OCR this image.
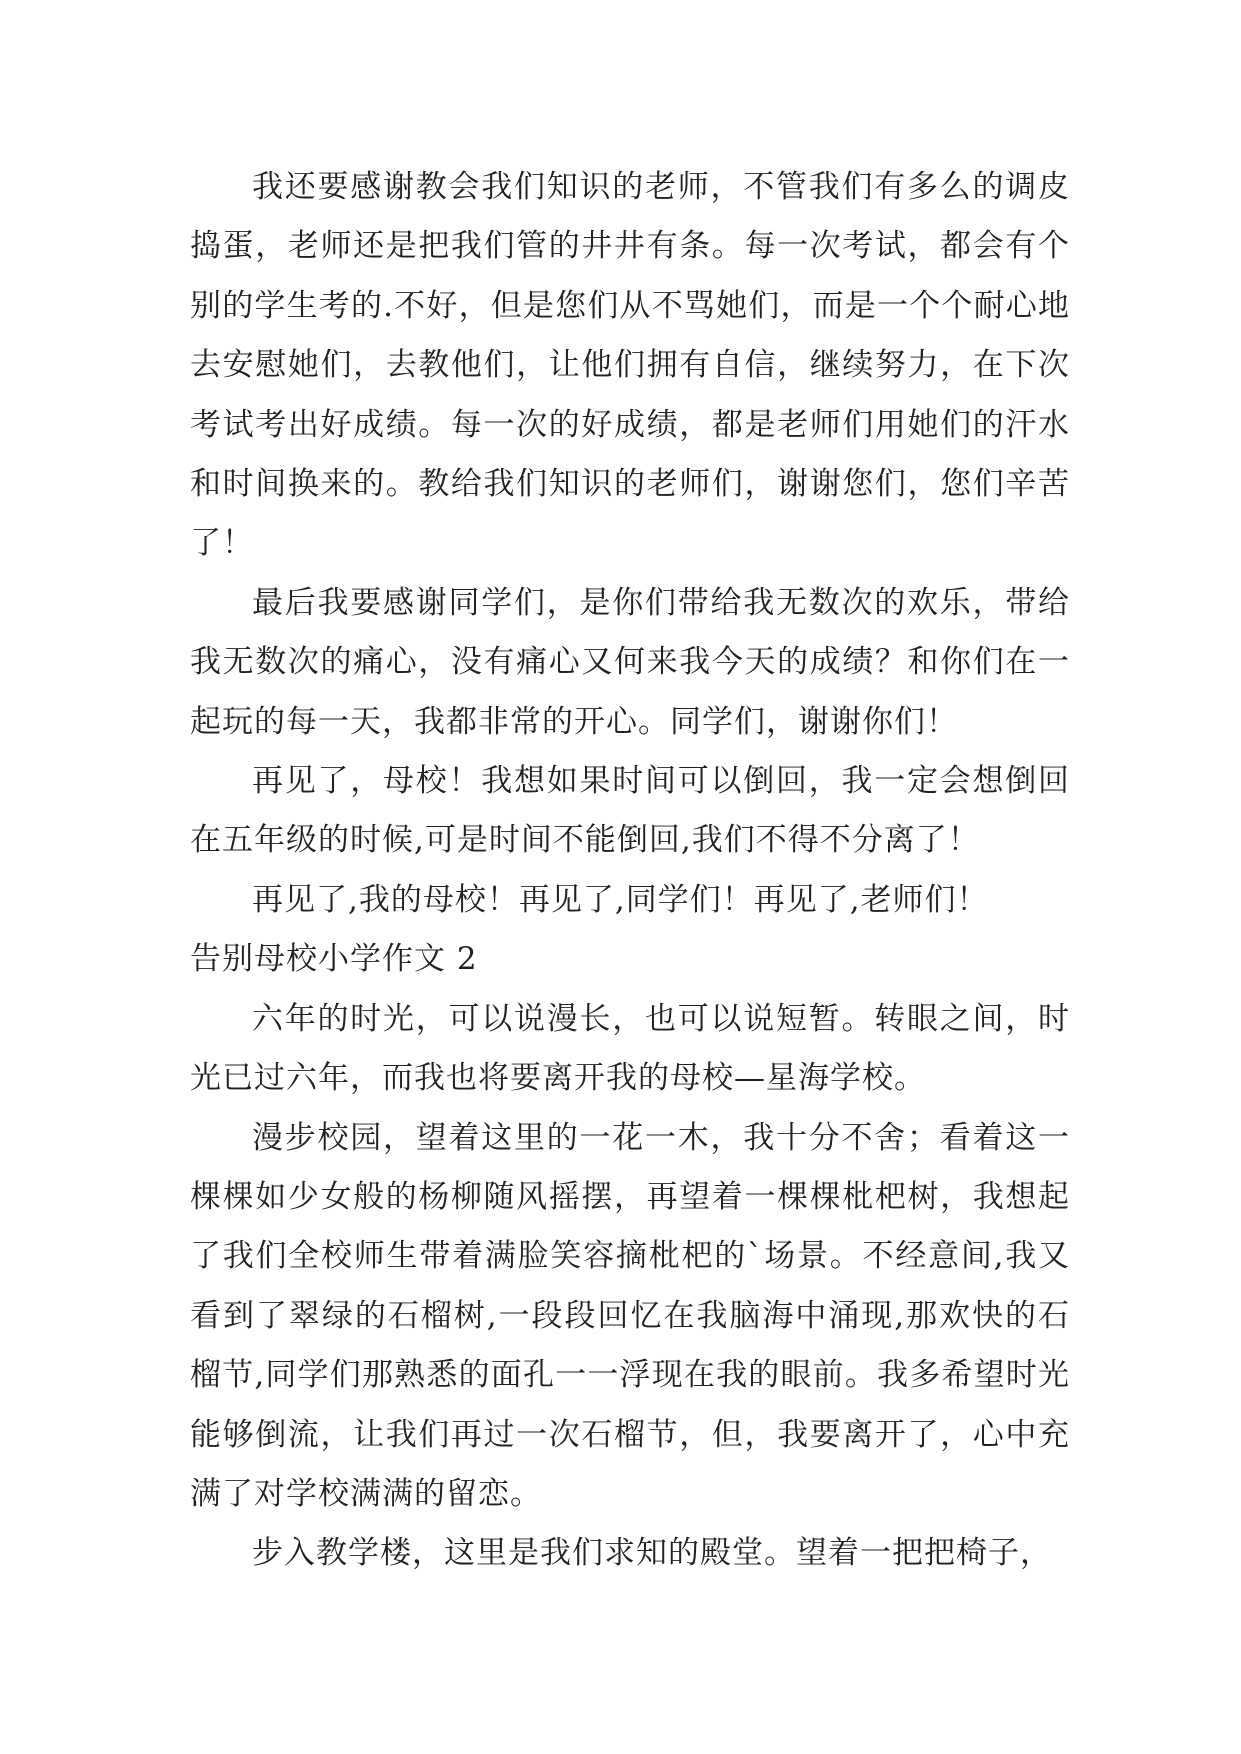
我还要感谢教会我们知识的老师，不管我们有多么的调皮捣蛋，老师还是把我们管的井井有条。每一次考试，都会有个别的学生考的.不好，但是您们从不骂她们，而是一个个耐心地去安慰她们，去教他们，让他们拥有自信，继续努力，在下次考试考出好成绩。每一次的好成绩，都是老师们用她们的汗水和时间换来的。教给我们知识的老师们，谢谢您们，您们辛苦了！

最后我要感谢同学们，是你们带给我无数次的欢乐，带给我无数次的痛心，没有痛心又何来我今天的成绩？和你们在一起玩的每一天，我都非常的开心。同学们，谢谢你们！

再见了，母校！我想如果时间可以倒回，我一定会想倒回在五年级的时候,可是时间不能倒回,我们不得不分离了！

再见了,我的母校！再见了,同学们！再见了,老师们！

告别母校小学作文 2

六年的时光，可以说漫长，也可以说短暂。转眼之间，时光已过六年，而我也将要离开我的母校—星海学校。

漫步校园，望着这里的一花一木，我十分不舍；看着这一棵棵如少女般的杨柳随风摇摆，再望着一棵棵枇杷树，我想起了我们全校师生带着满脸笑容摘枇杷的`场景。不经意间,我又看到了翠绿的石榴树,一段段回忆在我脑海中涌现,那欢快的石榴节,同学们那熟悉的面孔一一浮现在我的眼前。我多希望时光能够倒流，让我们再过一次石榴节，但，我要离开了，心中充满了对学校满满的留恋。

步入教学楼，这里是我们求知的殿堂。望着一把把椅子，
